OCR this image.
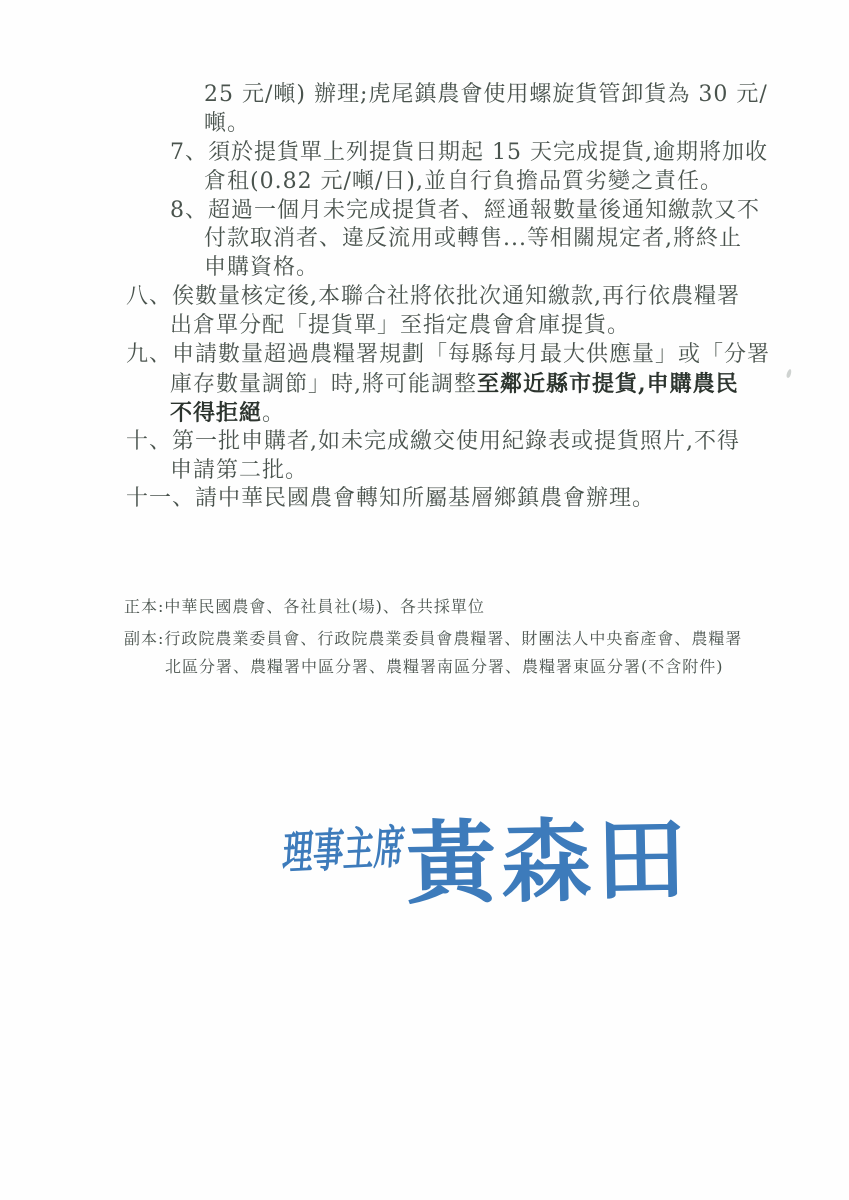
25 元/噸) 辦理;虎尾鎮農會使用螺旋貨管卸貨為 30 元/
噸。
7、須於提貨單上列提貨日期起 15 天完成提貨,逾期將加收
倉租(0.82 元/噸/日),並自行負擔品質劣變之責任。
8、超過一個月未完成提貨者、經通報數量後通知繳款又不
付款取消者、違反流用或轉售...等相關規定者,將終止
申購資格。
八、俟數量核定後,本聯合社將依批次通知繳款,再行依農糧署
出倉單分配「提貨單」至指定農會倉庫提貨。
九、申請數量超過農糧署規劃「每縣每月最大供應量」或「分署
庫存數量調節」時,將可能調整至鄰近縣市提貨,申購農民
不得拒絕。
十、第一批申購者,如未完成繳交使用紀錄表或提貨照片,不得
申請第二批。
十一、請中華民國農會轉知所屬基層鄉鎮農會辦理。
正本:中華民國農會、各社員社(場)、各共採單位
副本:行政院農業委員會、行政院農業委員會農糧署、財團法人中央畜產會、農糧署
北區分署、農糧署中區分署、農糧署南區分署、農糧署東區分署(不含附件)
理事主席
黃森田
